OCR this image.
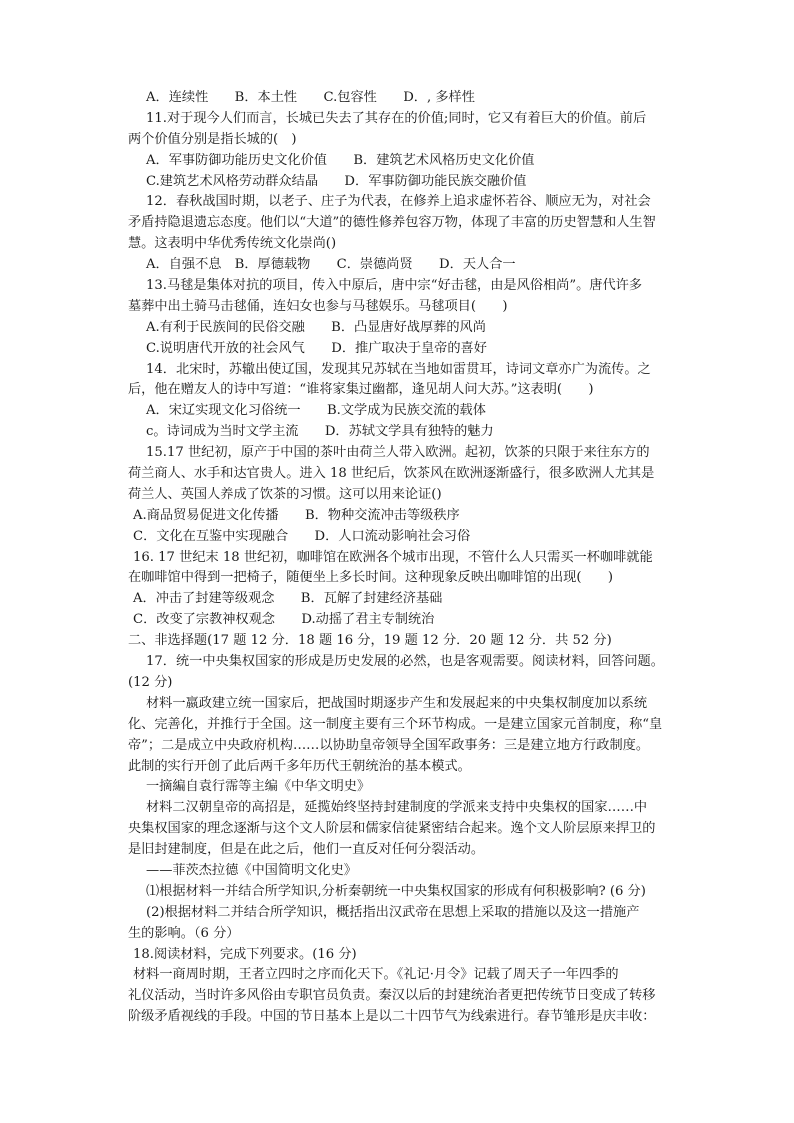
A．连续性　　B．本土性　　C.包容性　　D．, 多样性
11.对于现今人们而言，长城已失去了其存在的价值;同时，它又有着巨大的价值。前后
两个价值分别是指长城的(　)
A．军事防御功能历史文化价值　　B．建筑艺术风格历史文化价值
C.建筑艺术风格劳动群众结晶　　D．军事防御功能民族交融价值
12．春秋战国时期，以老子、庄子为代表，在修养上追求虚怀若谷、顺应无为，对社会
矛盾持隐退遗忘态度。他们以“大道”的德性修养包容万物，体现了丰富的历史智慧和人生智
慧。这表明中华优秀传统文化崇尚()
A．自强不息　B．厚德载物　　C．崇德尚贤　　D．天人合一
13.马毬是集体对抗的项目，传入中原后，唐中宗“好击毬，由是风俗相尚”。唐代许多
墓葬中出土骑马击毬俑，连妇女也参与马毬娱乐。马毬项目(　　)
A.有利于民族间的民俗交融　　B．凸显唐好战厚葬的风尚
C.说明唐代开放的社会风气　　D．推广取决于皇帝的喜好
14．北宋时，苏辙出使辽国，发现其兄苏轼在当地如雷贯耳，诗词文章亦广为流传。之
后，他在赠友人的诗中写道：“谁将家集过幽都，逢见胡人问大苏。”这表明(　　)
A．宋辽实现文化习俗统一　　B.文学成为民族交流的载体
c。诗词成为当时文学主流　　D．苏轼文学具有独特的魅力
15.17 世纪初，原产于中国的茶叶由荷兰人带入欧洲。起初，饮茶的只限于来往东方的
荷兰商人、水手和达官贵人。进入 18 世纪后，饮茶风在欧洲逐渐盛行，很多欧洲人尤其是
荷兰人、英国人养成了饮茶的习惯。这可以用来论证()
A.商品贸易促进文化传播　　B．物种交流冲击等级秩序
C．文化在互鉴中实现融合　　D．人口流动影响社会习俗
16. 17 世纪末 18 世纪初，咖啡馆在欧洲各个城市出现，不管什么人只需买一杯咖啡就能
在咖啡馆中得到一把椅子，随便坐上多长时间。这种现象反映出咖啡馆的出现(　　)
A．冲击了封建等级观念　　B．瓦解了封建经济基础
C．改变了宗教神权观念　　D.动摇了君主专制统治
二、非选择题(17 题 12 分．18 题 16 分，19 题 12 分．20 题 12 分．共 52 分)
17．统一中央集权国家的形成是历史发展的必然，也是客观需要。阅读材料，回答问题。
(12 分)
材料一嬴政建立统一国家后，把战国时期逐步产生和发展起来的中央集权制度加以系统
化、完善化，并推行于全国。这一制度主要有三个环节构成。一是建立国家元首制度，称“皇
帝”；二是成立中央政府机构……以协助皇帝领导全国军政事务：三是建立地方行政制度。
此制的实行开创了此后两千多年历代王朝统治的基本模式。
一摘編自袁行霈等主编《中华文明史》
材料二汉朝皇帝的高招是，延揽始终坚持封建制度的学派来支持中央集权的国家……中
央集权国家的理念逐渐与这个文人阶层和儒家信徒紧密结合起来。逸个文人阶层原来捍卫的
是旧封建制度，但是在此之后，他们一直反对任何分裂活动。
——菲茨杰拉德《中国简明文化史》
⑴根据材料一并结合所学知识,分析秦朝统一中央集权国家的形成有何积极影响? (6 分)
(2)根据材料二并结合所学知识，概括指出汉武帝在思想上采取的措施以及这一措施产
生的影响。（6 分）
18.阅读材料，完成下列要求。(16 分)
材料一商周时期，王者立四时之序而化天下。《礼记·月令》记载了周天子一年四季的
礼仪活动，当时许多风俗由专职官员负责。秦汉以后的封建统治者更把传统节日变成了转移
阶级矛盾视线的手段。中国的节日基本上是以二十四节气为线索进行。春节雏形是庆丰收：
